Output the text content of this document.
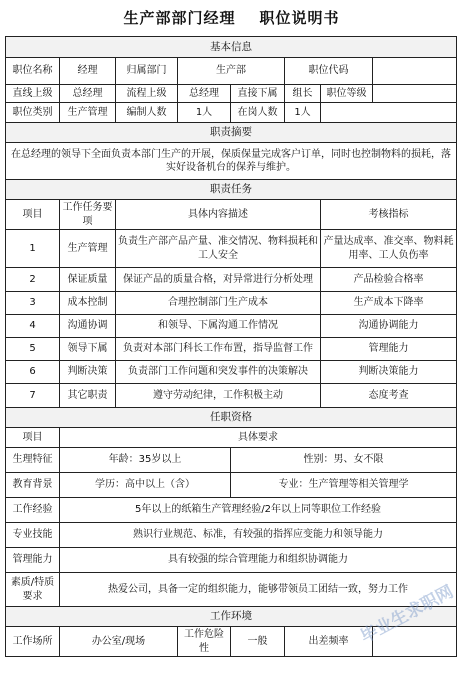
生产部部门经理 职位说明书
基本信息							
职位名称	经理	归属部门	生产部		职位代码		
直线上级	总经理	流程上级	总经理	直接下属	组长	职位等级	
职位类别	生产管理	编制人数	1人	在岗人数	1人		
职责摘要							
在总经理的领导下全面负责本部门生产的开展，保质保量完成客户订单，同时也控制物料的损耗，落实好设备机台的保养与维护。							
职责任务							
项目	工作任务要项	具体内容描述				考核指标	
1	生产管理	负责生产部产品产量、准交情况、物料损耗和工人安全				产量达成率、准交率、物料耗用率、工人负伤率	
2	保证质量	保证产品的质量合格，对异常进行分析处理				产品检验合格率	
3	成本控制	合理控制部门生产成本				生产成本下降率	
4	沟通协调	和领导、下属沟通工作情况				沟通协调能力	
5	领导下属	负责对本部门科长工作布置，指导监督工作				管理能力	
6	判断决策	负责部门工作问题和突发事件的决策解决				判断决策能力	
7	其它职责	遵守劳动纪律，工作积极主动				态度考查	
任职资格							
项目	具体要求						
生理特征	年龄：35岁以上			性别：男、女不限			
教育背景	学历：高中以上（含）			专业：生产管理等相关管理学			
工作经验	5年以上的纸箱生产管理经验/2年以上同等职位工作经验						
专业技能	熟识行业规范、标准，有较强的指挥应变能力和领导能力						
管理能力	具有较强的综合管理能力和组织协调能力						
素质/特质要求	热爱公司，具备一定的组织能力，能够带领员工团结一致，努力工作						
工作环境							
工作场所	办公室/现场		工作危险性	一般	出差频率		毕业生求职网
